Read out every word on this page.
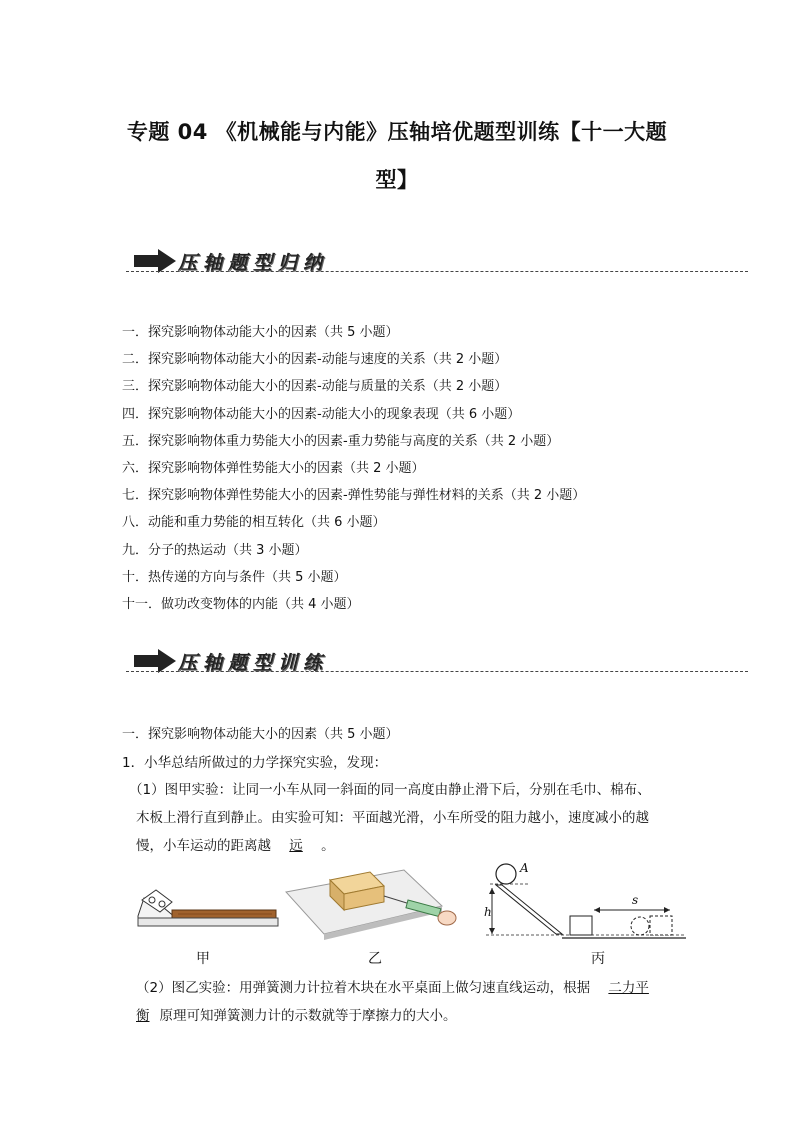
专题 04 《机械能与内能》压轴培优题型训练【十一大题
型】
压轴题型归纳
一．探究影响物体动能大小的因素（共 5 小题）
二．探究影响物体动能大小的因素-动能与速度的关系（共 2 小题）
三．探究影响物体动能大小的因素-动能与质量的关系（共 2 小题）
四．探究影响物体动能大小的因素-动能大小的现象表现（共 6 小题）
五．探究影响物体重力势能大小的因素-重力势能与高度的关系（共 2 小题）
六．探究影响物体弹性势能大小的因素（共 2 小题）
七．探究影响物体弹性势能大小的因素-弹性势能与弹性材料的关系（共 2 小题）
八．动能和重力势能的相互转化（共 6 小题）
九．分子的热运动（共 3 小题）
十．热传递的方向与条件（共 5 小题）
十一．做功改变物体的内能（共 4 小题）
压轴题型训练
一．探究影响物体动能大小的因素（共 5 小题）
1．小华总结所做过的力学探究实验，发现：
（1）图甲实验：让同一小车从同一斜面的同一高度由静止滑下后，分别在毛巾、棉布、
木板上滑行直到静止。由实验可知：平面越光滑，小车所受的阻力越小，速度减小的越
慢，小车运动的距离越 远 。
甲	乙
A
h
s
丙
（2）图乙实验：用弹簧测力计拉着木块在水平桌面上做匀速直线运动，根据 二力平
衡 原理可知弹簧测力计的示数就等于摩擦力的大小。
